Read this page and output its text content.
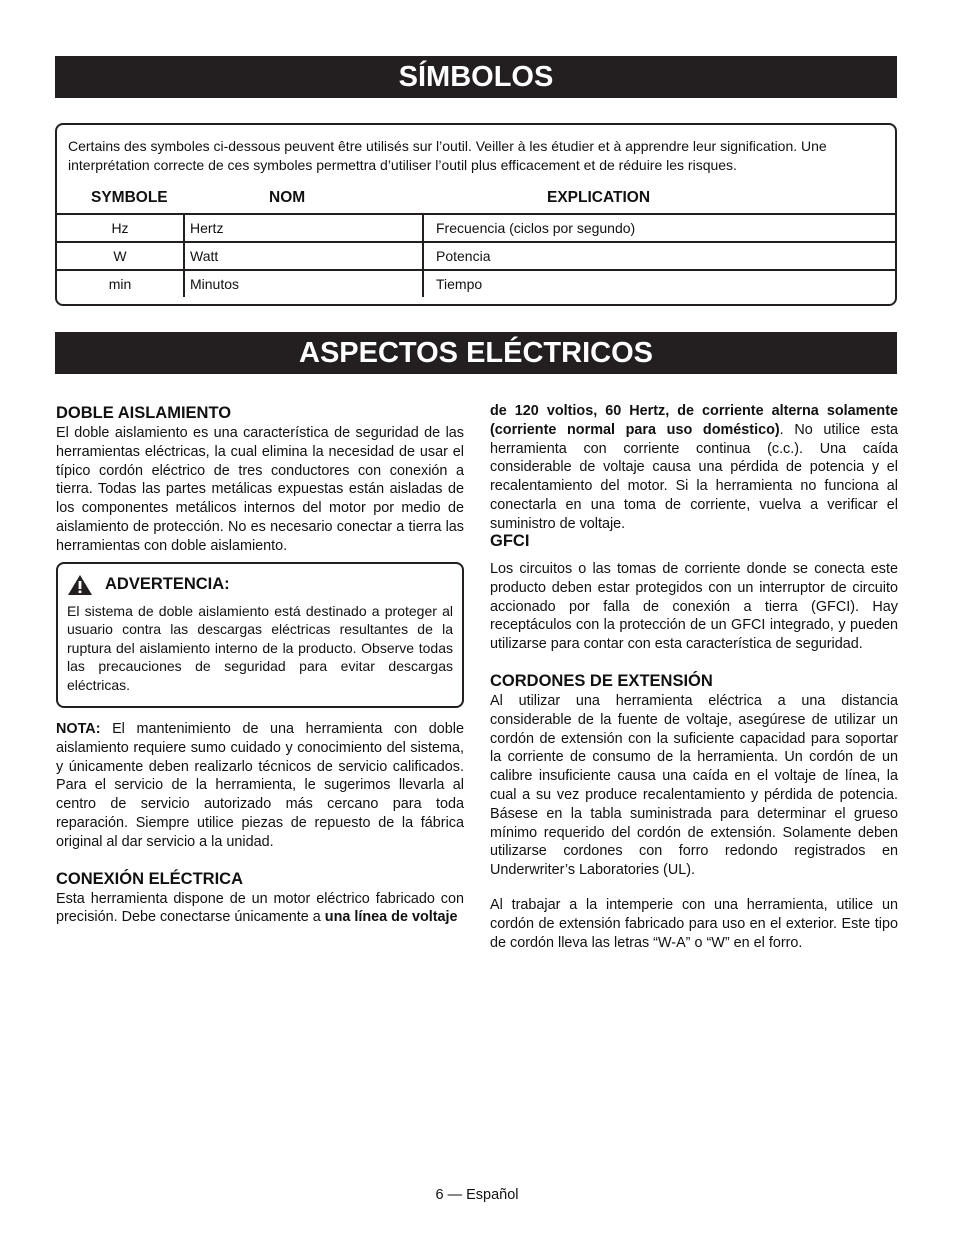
SÍMBOLOS
Certains des symboles ci-dessous peuvent être utilisés sur l’outil. Veiller à les étudier et à apprendre leur signification. Une interprétation correcte de ces symboles permettra d’utiliser l’outil plus efficacement et de réduire les risques.
SYMBOLE	NOM	EXPLICATION
Hz	Hertz	Frecuencia (ciclos por segundo)
W	Watt	Potencia
min	Minutos	Tiempo
ASPECTOS ELÉCTRICOS
DOBLE AISLAMIENTO

El doble aislamiento es una característica de seguridad de las herramientas eléctricas, la cual elimina la necesidad de usar el típico cordón eléctrico de tres conductores con conexión a tierra. Todas las partes metálicas expuestas están aisladas de los componentes metálicos internos del motor por medio de aislamiento de protección. No es necesario conectar a tierra las herramientas con doble aislamiento.

ADVERTENCIA:

El sistema de doble aislamiento está destinado a proteger al usuario contra las descargas eléctricas resultantes de la ruptura del aislamiento interno de la producto. Observe todas las precauciones de seguridad para evitar descargas eléctricas.

NOTA: El mantenimiento de una herramienta con doble aislamiento requiere sumo cuidado y conocimiento del sistema, y únicamente deben realizarlo técnicos de servicio calificados. Para el servicio de la herramienta, le sugerimos llevarla al centro de servicio autorizado más cercano para toda reparación. Siempre utilice piezas de repuesto de la fábrica original al dar servicio a la unidad.

CONEXIÓN ELÉCTRICA

Esta herramienta dispone de un motor eléctrico fabricado con precisión. Debe conectarse únicamente a una línea de voltaje

de 120 voltios, 60 Hertz, de corriente alterna solamente (corriente normal para uso doméstico). No utilice esta herramienta con corriente continua (c.c.). Una caída considerable de voltaje causa una pérdida de potencia y el recalentamiento del motor. Si la herramienta no funciona al conectarla en una toma de corriente, vuelva a verificar el suministro de voltaje.

GFCI

Los circuitos o las tomas de corriente donde se conecta este producto deben estar protegidos con un interruptor de circuito accionado por falla de conexión a tierra (GFCI). Hay receptáculos con la protección de un GFCI integrado, y pueden utilizarse para contar con esta característica de seguridad.

CORDONES DE EXTENSIÓN

Al utilizar una herramienta eléctrica a una distancia considerable de la fuente de voltaje, asegúrese de utilizar un cordón de extensión con la suficiente capacidad para soportar la corriente de consumo de la herramienta. Un cordón de un calibre insuficiente causa una caída en el voltaje de línea, la cual a su vez produce recalentamiento y pérdida de potencia. Básese en la tabla suministrada para determinar el grueso mínimo requerido del cordón de extensión. Solamente deben utilizarse cordones con forro redondo registrados en Underwriter’s Laboratories (UL).

Al trabajar a la intemperie con una herramienta, utilice un cordón de extensión fabricado para uso en el exterior. Este tipo de cordón lleva las letras “W-A” o “W” en el forro.

6 — Español
